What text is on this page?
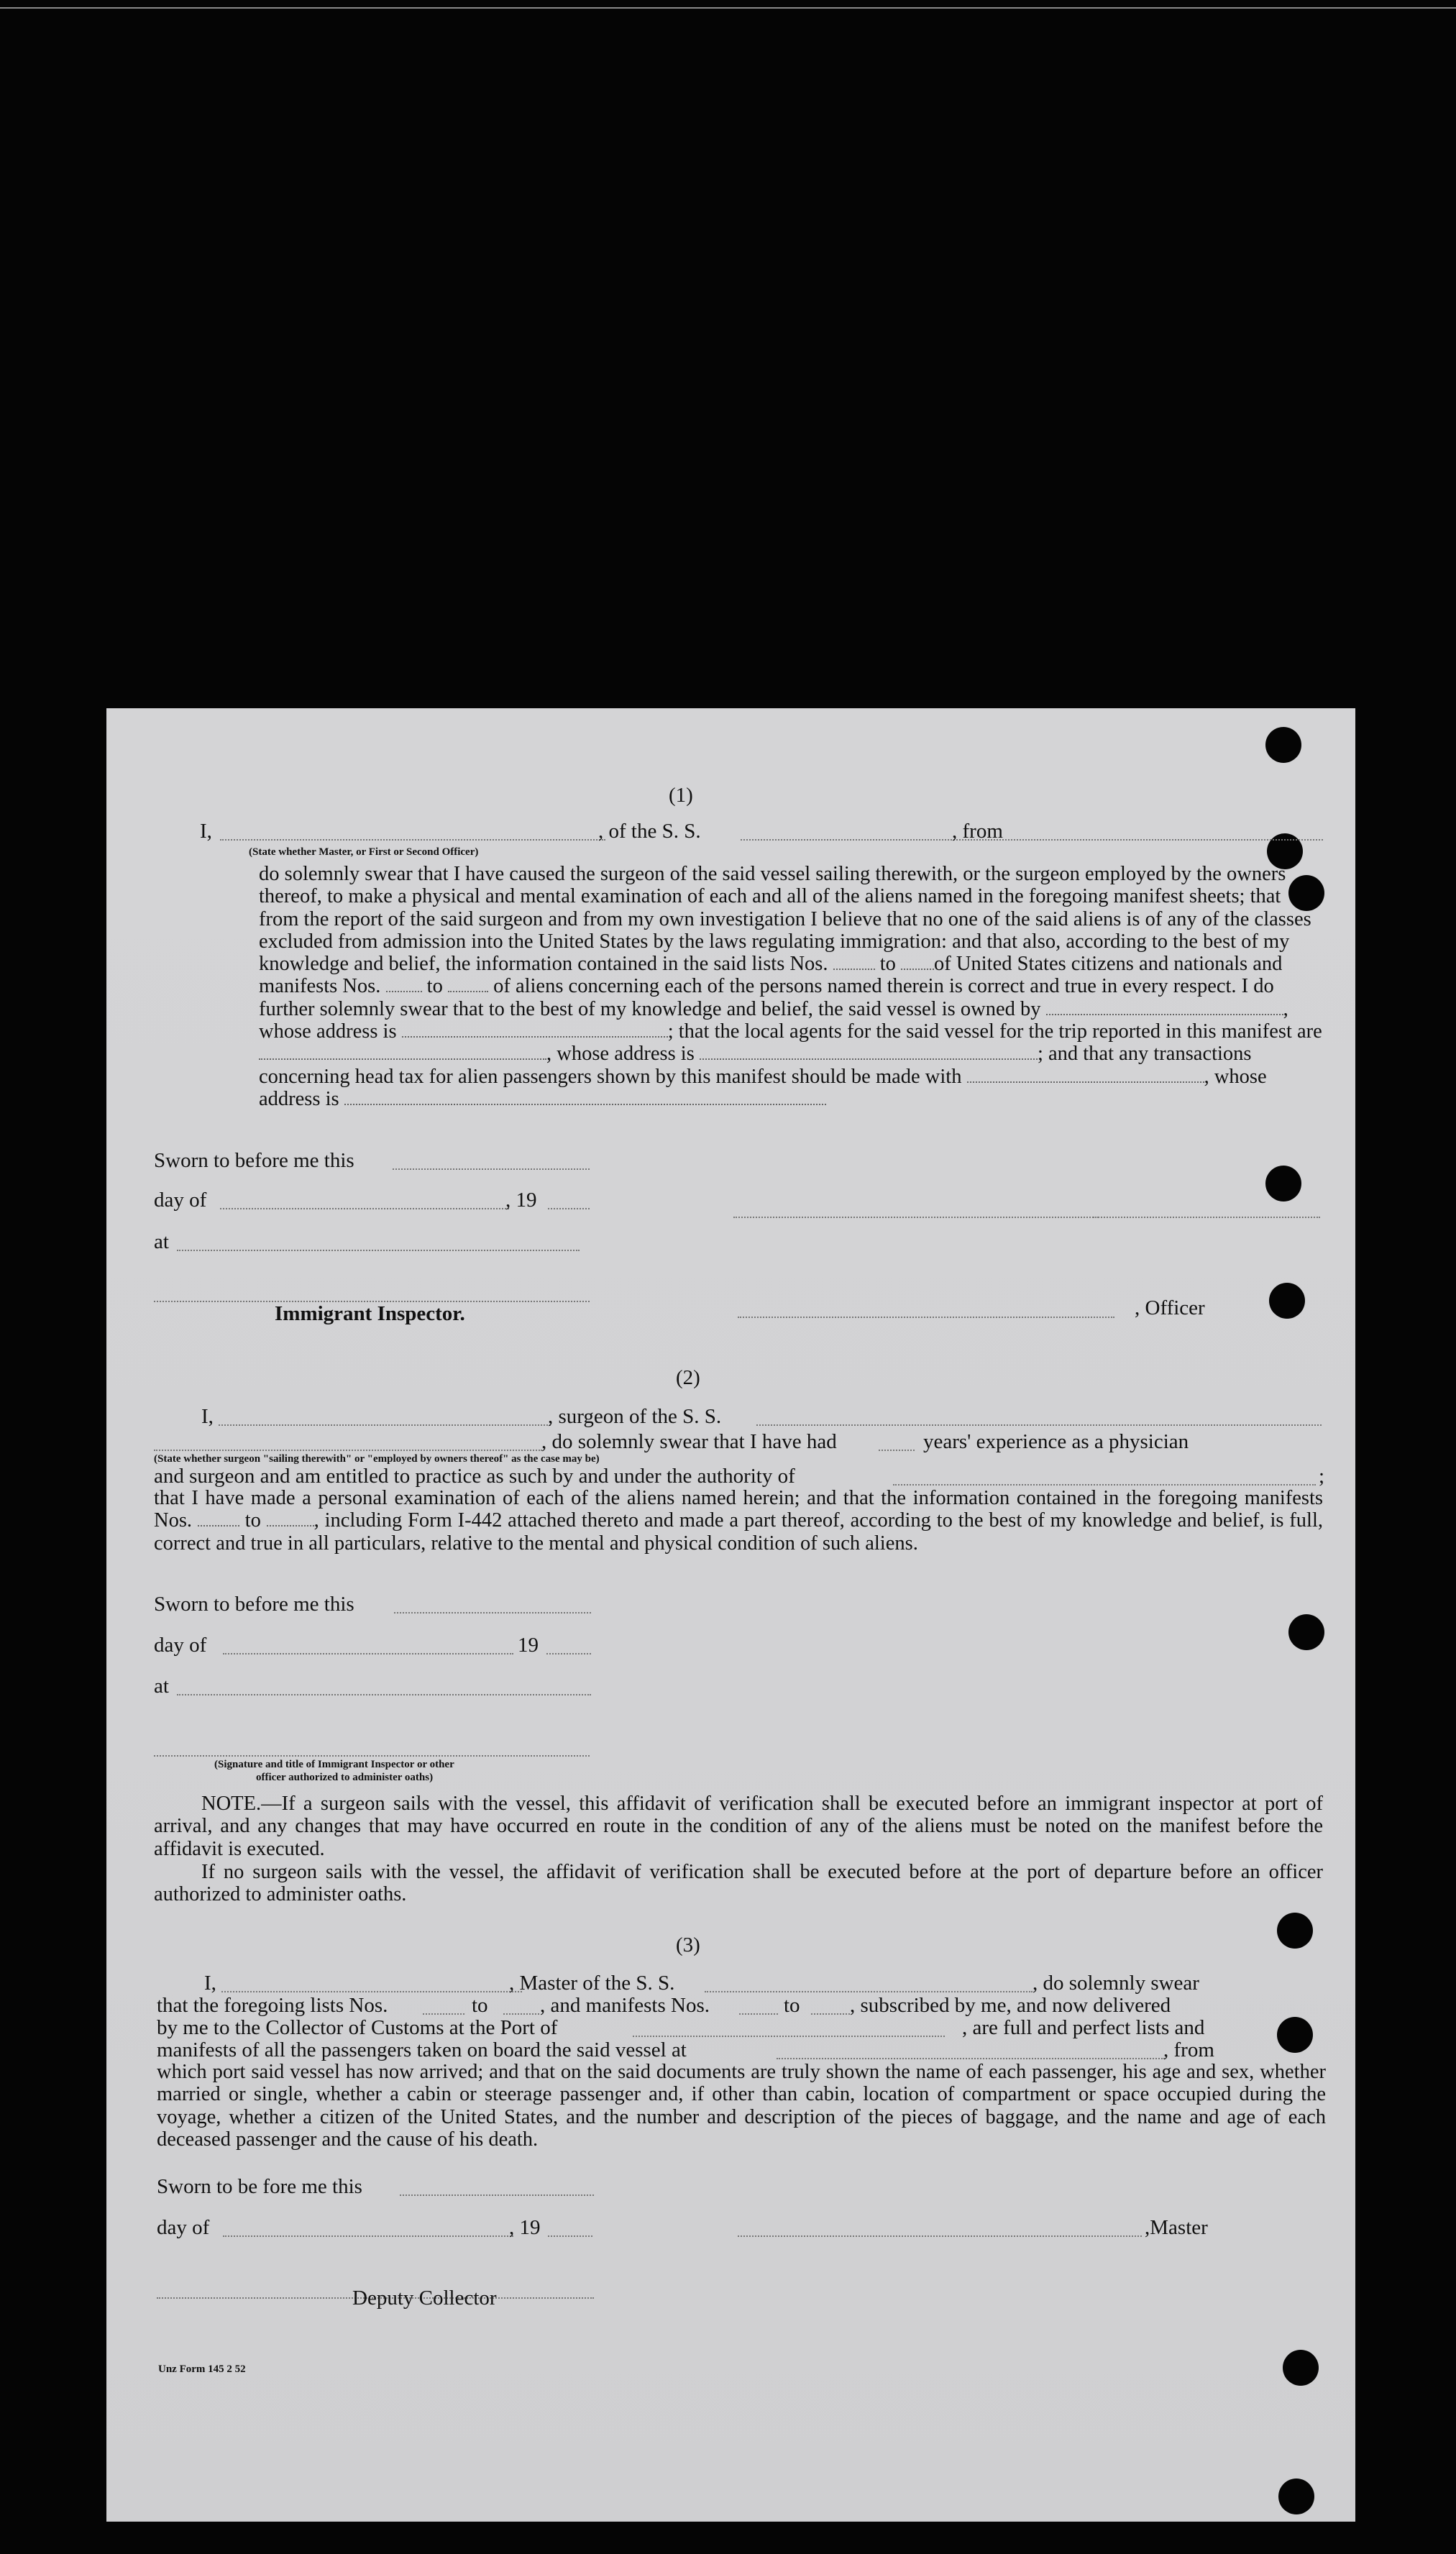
(1)
I,	, of the S. S.	, from
(State whether Master, or First or Second Officer)
do solemnly swear that I have caused the surgeon of the said vessel sailing therewith, or the surgeon employed by the owners thereof, to make a physical and mental examination of each and all of the aliens named in the foregoing manifest sheets; that from the report of the said surgeon and from my own investigation I believe that no one of the said aliens is of any of the classes excluded from admission into the United States by the laws regulating immigration: and that also, according to the best of my knowledge and belief, the information contained in the said lists Nos.	to of United States citizens and nationals and manifests Nos. to of aliens concerning each of the persons named therein is correct and true in every respect. I do further solemnly swear that to the best of my knowledge and belief, the said vessel is owned by	, whose address is	; that the local agents for the said vessel for the trip reported in this manifest are , whose address is	; and that any transactions concerning head tax for alien passengers shown by this manifest should be made with	, whose address is
Sworn to before me this
day of	, 19
at
Immigrant Inspector.	, Officer
(2)
I,	, surgeon of the S. S.
, do solemnly swear that I have had	years' experience as a physician
(State whether surgeon "sailing therewith" or "employed by owners thereof" as the case may be)
and surgeon and am entitled to practice as such by and under the authority of	;
that I have made a personal examination of each of the aliens named herein; and that the information contained in the foregoing manifests Nos.	to	, including Form I-442 attached thereto and made a part thereof, according to the best of my knowledge and belief, is full, correct and true in all particulars, relative to the mental and physical condition of such aliens.
Sworn to before me this
day of	19
at
(Signature and title of Immigrant Inspector or other
officer authorized to administer oaths)
NOTE.—If a surgeon sails with the vessel, this affidavit of verification shall be executed before an immigrant inspector at port of arrival, and any changes that may have occurred en route in the condition of any of the aliens must be noted on the manifest before the affidavit is executed.
If no surgeon sails with the vessel, the affidavit of verification shall be executed before at the port of departure before an officer authorized to administer oaths.
(3)
I,	, Master of the S. S.	, do solemnly swear
that the foregoing lists Nos.	to , and manifests Nos.	to , subscribed by me, and now delivered
by me to the Collector of Customs at the Port of	, are full and perfect lists and
manifests of all the passengers taken on board the said vessel at	, from
which port said vessel has now arrived; and that on the said documents are truly shown the name of each passenger, his age and sex, whether married or single, whether a cabin or steerage passenger and, if other than cabin, location of compartment or space occupied during the voyage, whether a citizen of the United States, and the number and description of the pieces of baggage, and the name and age of each deceased passenger and the cause of his death.
Sworn to be fore me this
day of	, 19	,Master
Deputy Collector
Unz Form 145 2 52
